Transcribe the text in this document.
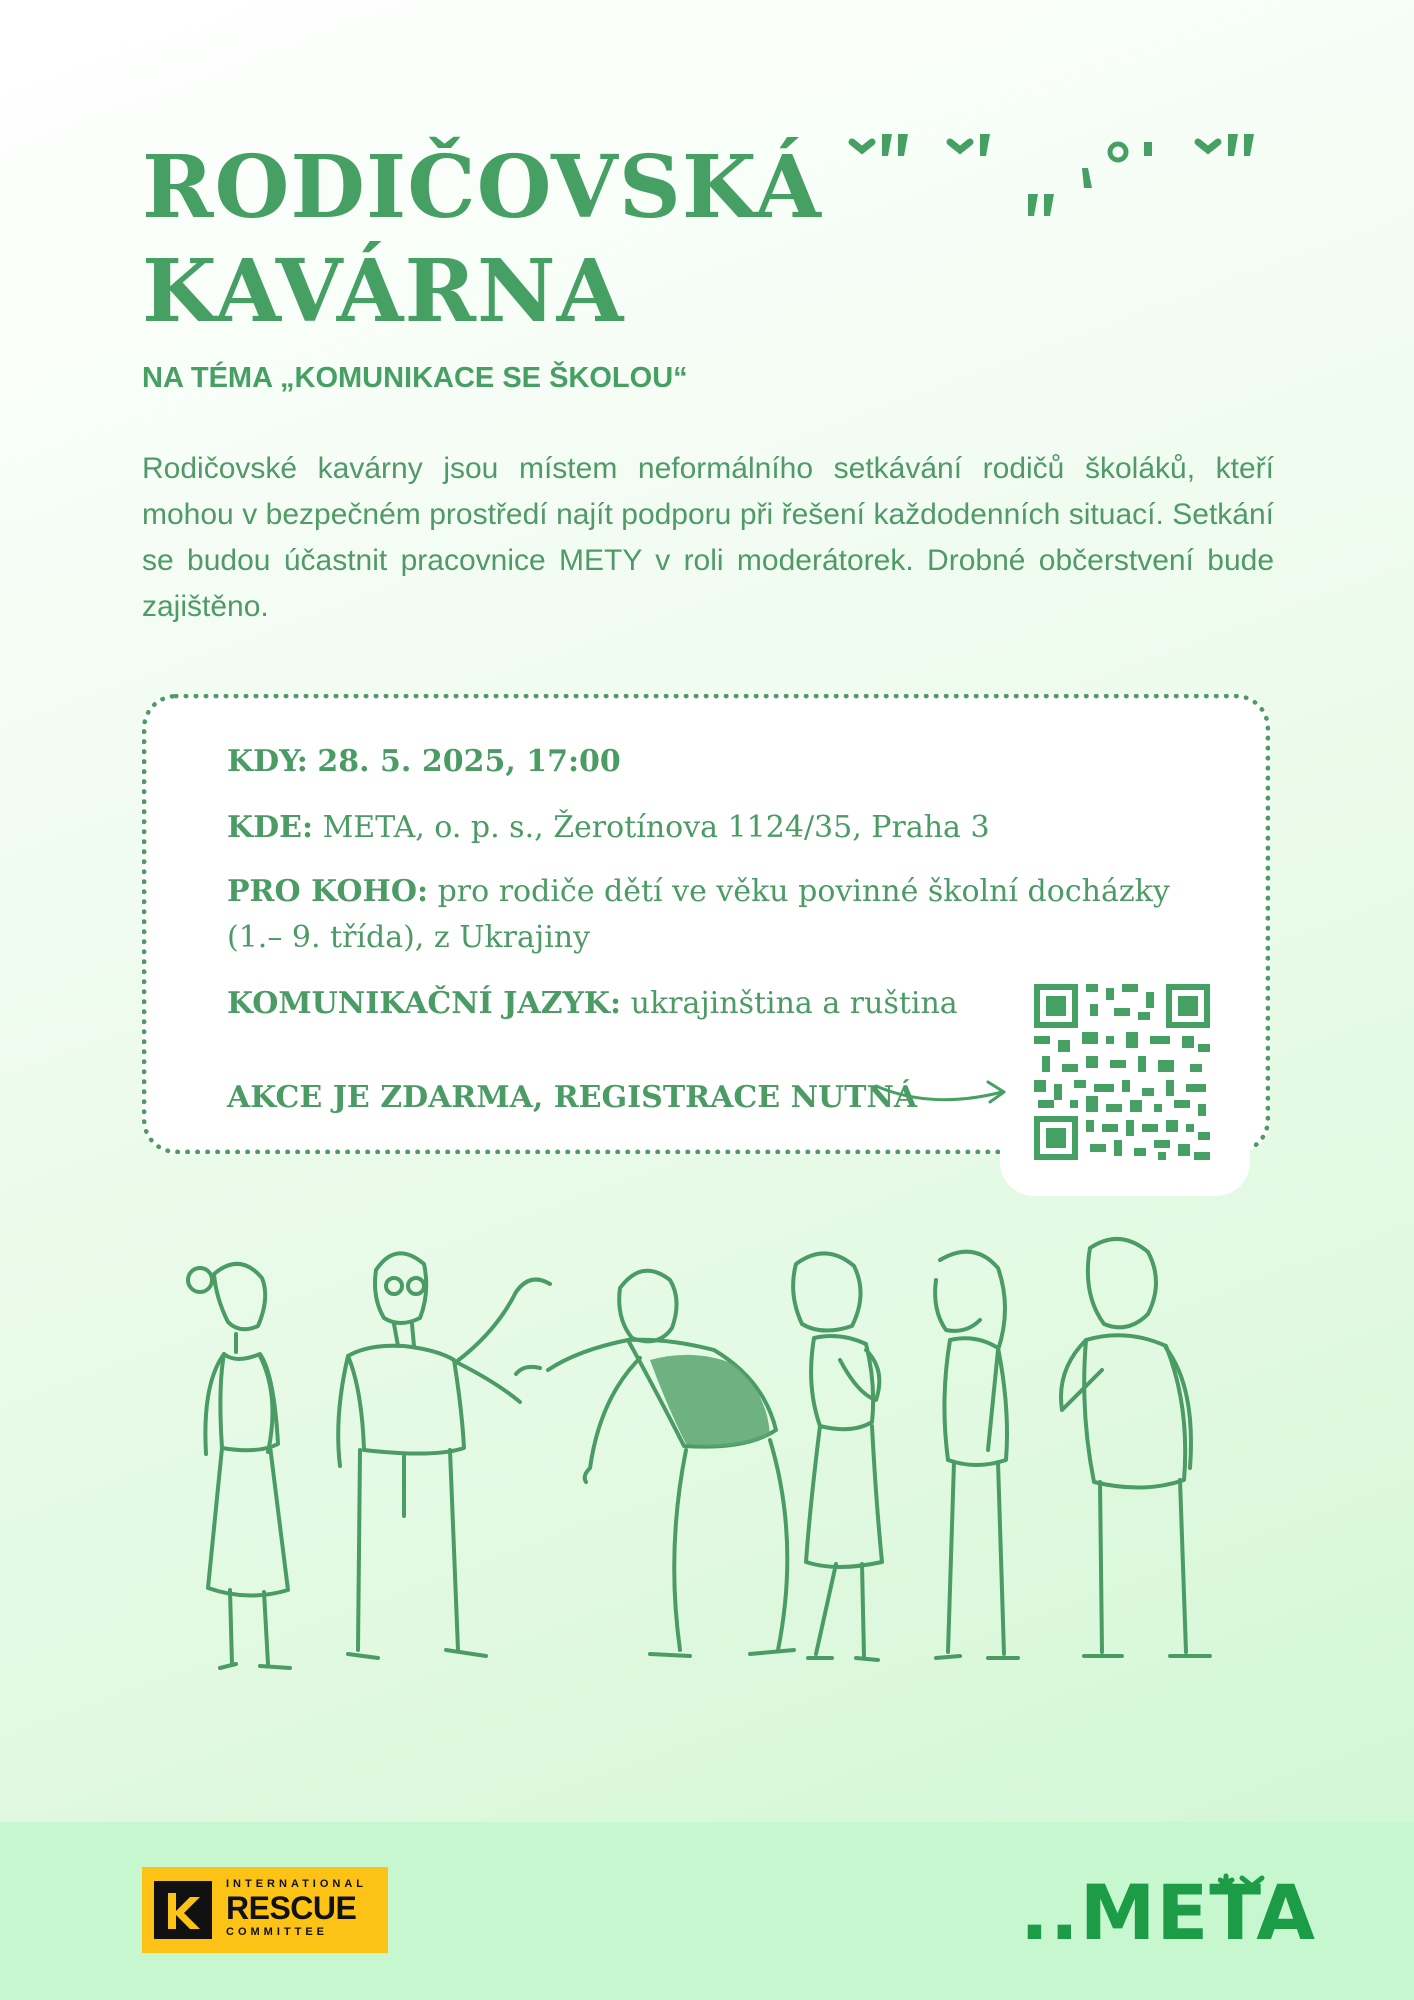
RODIČOVSKÁ
KAVÁRNA

NA TÉMA „KOMUNIKACE SE ŠKOLOU“

Rodičovské kavárny jsou místem neformálního setkávání rodičů školáků, kteří mohou v bezpečném prostředí najít podporu při řešení každodenních situací. Setkání se budou účastnit pracovnice METY v roli moderátorek. Drobné občerstvení bude zajištěno.

KDY: 28. 5. 2025, 17:00
KDE: META, o. p. s., Žerotínova 1124/35, Praha 3
PRO KOHO: pro rodiče dětí ve věku povinné školní docházky (1.– 9. třída), z Ukrajiny
KOMUNIKAČNÍ JAZYK: ukrajinština a ruština
AKCE JE ZDARMA, REGISTRACE NUTNÁ
INTERNATIONAL
RESCUE
COMMITTEE	..META
